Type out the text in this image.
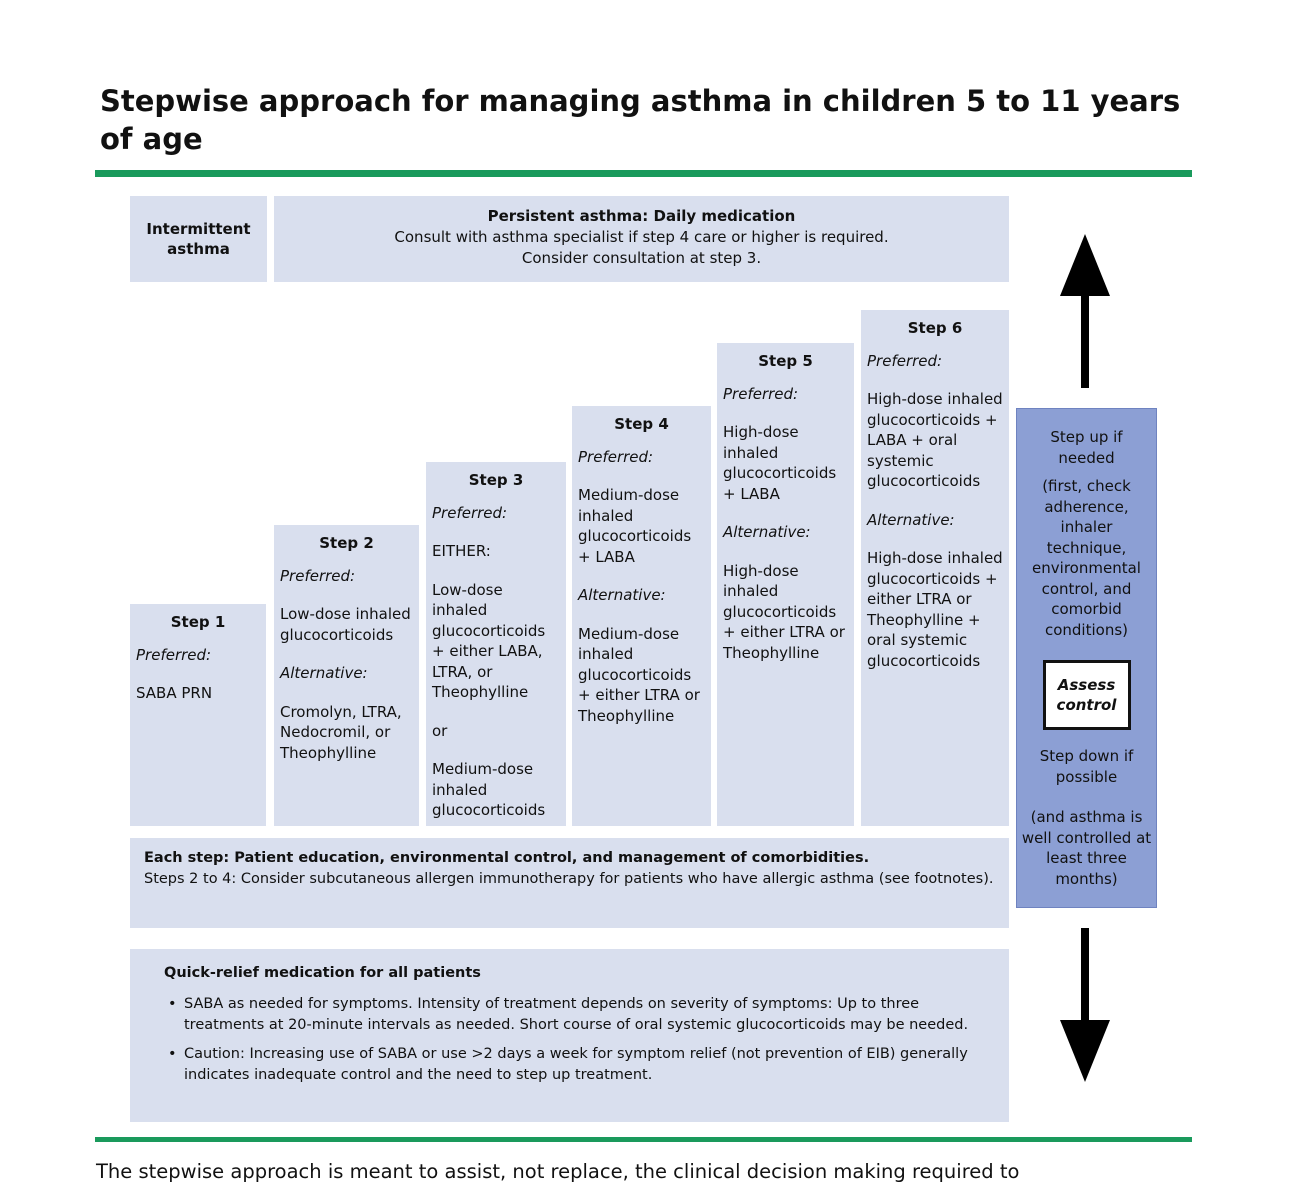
Stepwise approach for managing asthma in children 5 to 11 years of age
Intermittent asthma
Persistent asthma: Daily medication
Consult with asthma specialist if step 4 care or higher is required.
Consider consultation at step 3.
Step 1
Preferred:
SABA PRN
Step 2
Preferred:
Low-dose inhaled glucocorticoids
Alternative:
Cromolyn, LTRA, Nedocromil, or Theophylline
Step 3
Preferred:
EITHER:
Low-dose inhaled glucocorticoids + either LABA, LTRA, or Theophylline
or
Medium-dose inhaled glucocorticoids
Step 4
Preferred:
Medium-dose inhaled glucocorticoids + LABA
Alternative:
Medium-dose inhaled glucocorticoids + either LTRA or Theophylline
Step 5
Preferred:
High-dose inhaled glucocorticoids + LABA
Alternative:
High-dose inhaled glucocorticoids + either LTRA or Theophylline
Step 6
Preferred:
High-dose inhaled glucocorticoids + LABA + oral systemic glucocorticoids
Alternative:
High-dose inhaled glucocorticoids + either LTRA or Theophylline + oral systemic glucocorticoids
Each step: Patient education, environmental control, and management of comorbidities.
Steps 2 to 4: Consider subcutaneous allergen immunotherapy for patients who have allergic asthma (see footnotes).
Quick-relief medication for all patients
• SABA as needed for symptoms. Intensity of treatment depends on severity of symptoms: Up to three treatments at 20-minute intervals as needed. Short course of oral systemic glucocorticoids may be needed.
• Caution: Increasing use of SABA or use >2 days a week for symptom relief (not prevention of EIB) generally indicates inadequate control and the need to step up treatment.
Step up if needed
(first, check adherence, inhaler technique, environmental control, and comorbid conditions)
Assess control
Step down if possible
(and asthma is well controlled at least three months)
The stepwise approach is meant to assist, not replace, the clinical decision making required to
